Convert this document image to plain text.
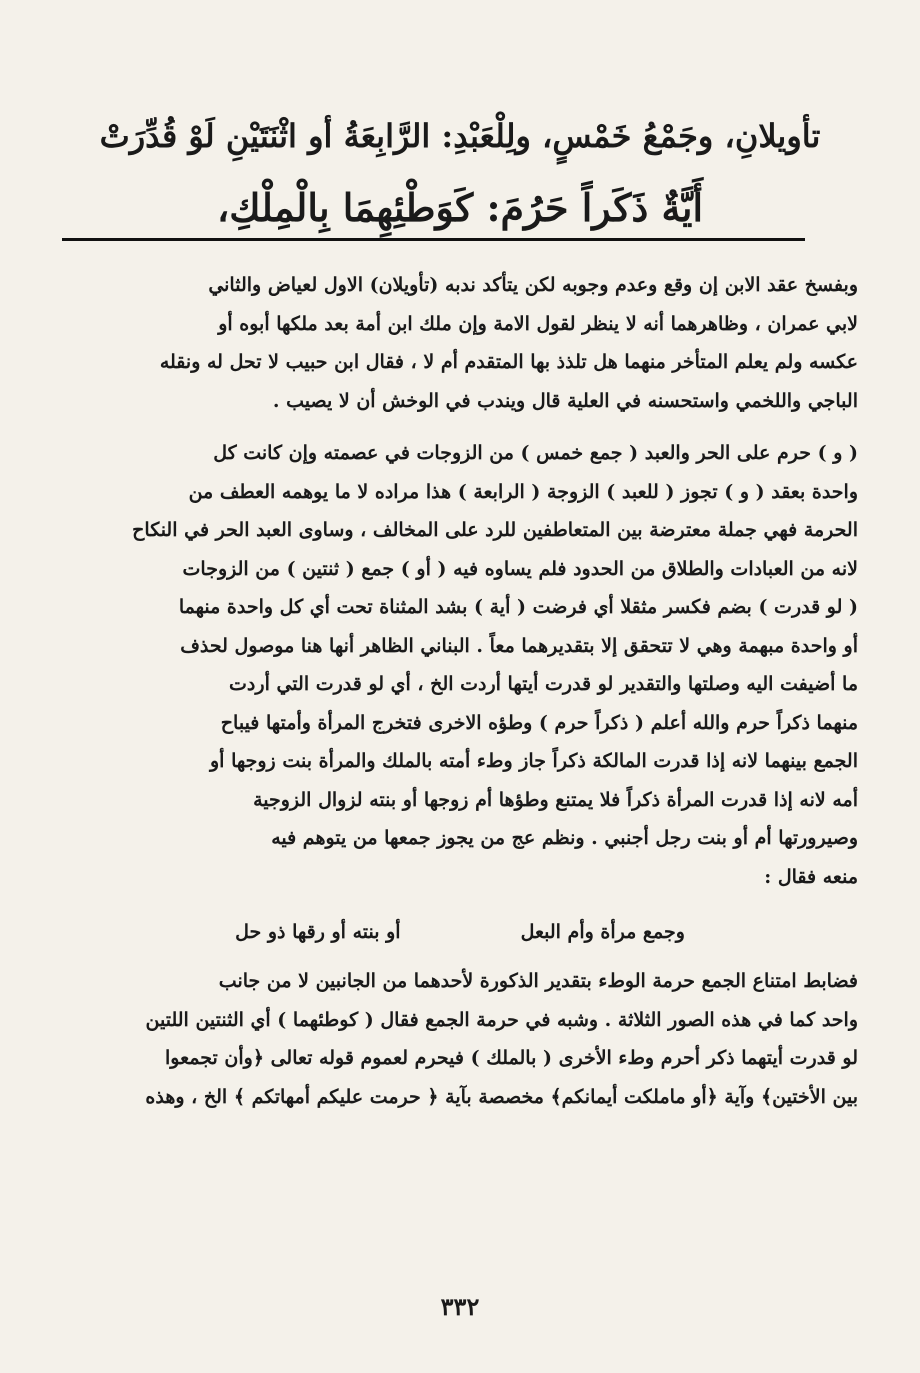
تأويلانِ، وجَمْعُ خَمْسٍ، ولِلْعَبْدِ: الرَّابِعَةُ أو اثْنَتَيْنِ لَوْ قُدِّرَتْ
أَيَّةٌ ذَكَراً حَرُمَ: كَوَطْئِهِمَا بِالْمِلْكِ،
وبفسخ عقد الابن إن وقع وعدم وجوبه لكن يتأكد ندبه (تأويلان) الاول لعياض والثاني
لابي عمران ، وظاهرهما أنه لا ينظر لقول الامة وإن ملك ابن أمة بعد ملكها أبوه أو
عكسه ولم يعلم المتأخر منهما هل تلذذ بها المتقدم أم لا ، فقال ابن حبيب لا تحل له ونقله
الباجي واللخمي واستحسنه في العلية قال ويندب في الوخش أن لا يصيب .
( و ) حرم على الحر والعبد ( جمع خمس ) من الزوجات في عصمته وإن كانت كل
واحدة بعقد ( و ) تجوز ( للعبد ) الزوجة ( الرابعة ) هذا مراده لا ما يوهمه العطف من
الحرمة فهي جملة معترضة بين المتعاطفين للرد على المخالف ، وساوى العبد الحر في النكاح
لانه من العبادات والطلاق من الحدود فلم يساوه فيه ( أو ) جمع ( ثنتين ) من الزوجات
( لو قدرت ) بضم فكسر مثقلا أي فرضت ( أية ) بشد المثناة تحت أي كل واحدة منهما
أو واحدة مبهمة وهي لا تتحقق إلا بتقديرهما معاً . البناني الظاهر أنها هنا موصول لحذف
ما أضيفت اليه وصلتها والتقدير لو قدرت أيتها أردت الخ ، أي لو قدرت التي أردت
منهما ذكراً حرم والله أعلم ( ذكراً حرم ) وطؤه الاخرى فتخرج المرأة وأمتها فيباح
الجمع بينهما لانه إذا قدرت المالكة ذكراً جاز وطء أمته بالملك والمرأة بنت زوجها أو
أمه لانه إذا قدرت المرأة ذكراً فلا يمتنع وطؤها أم زوجها أو بنته لزوال الزوجية
وصيرورتها أم أو بنت رجل أجنبي . ونظم عج من يجوز جمعها من يتوهم فيه
منعه فقال :
وجمع مرأة وأم البعل
أو بنته أو رقها ذو حل
فضابط امتناع الجمع حرمة الوطء بتقدير الذكورة لأحدهما من الجانبين لا من جانب
واحد كما في هذه الصور الثلاثة . وشبه في حرمة الجمع فقال ( كوطئهما ) أي الثنتين اللتين
لو قدرت أيتهما ذكر أحرم وطء الأخرى ( بالملك ) فيحرم لعموم قوله تعالى ﴿وأن تجمعوا
بين الأختين﴾ وآية ﴿أو ماملكت أيمانكم﴾ مخصصة بآية ﴿ حرمت عليكم أمهاتكم ﴾ الخ ، وهذه
٣٣٢
